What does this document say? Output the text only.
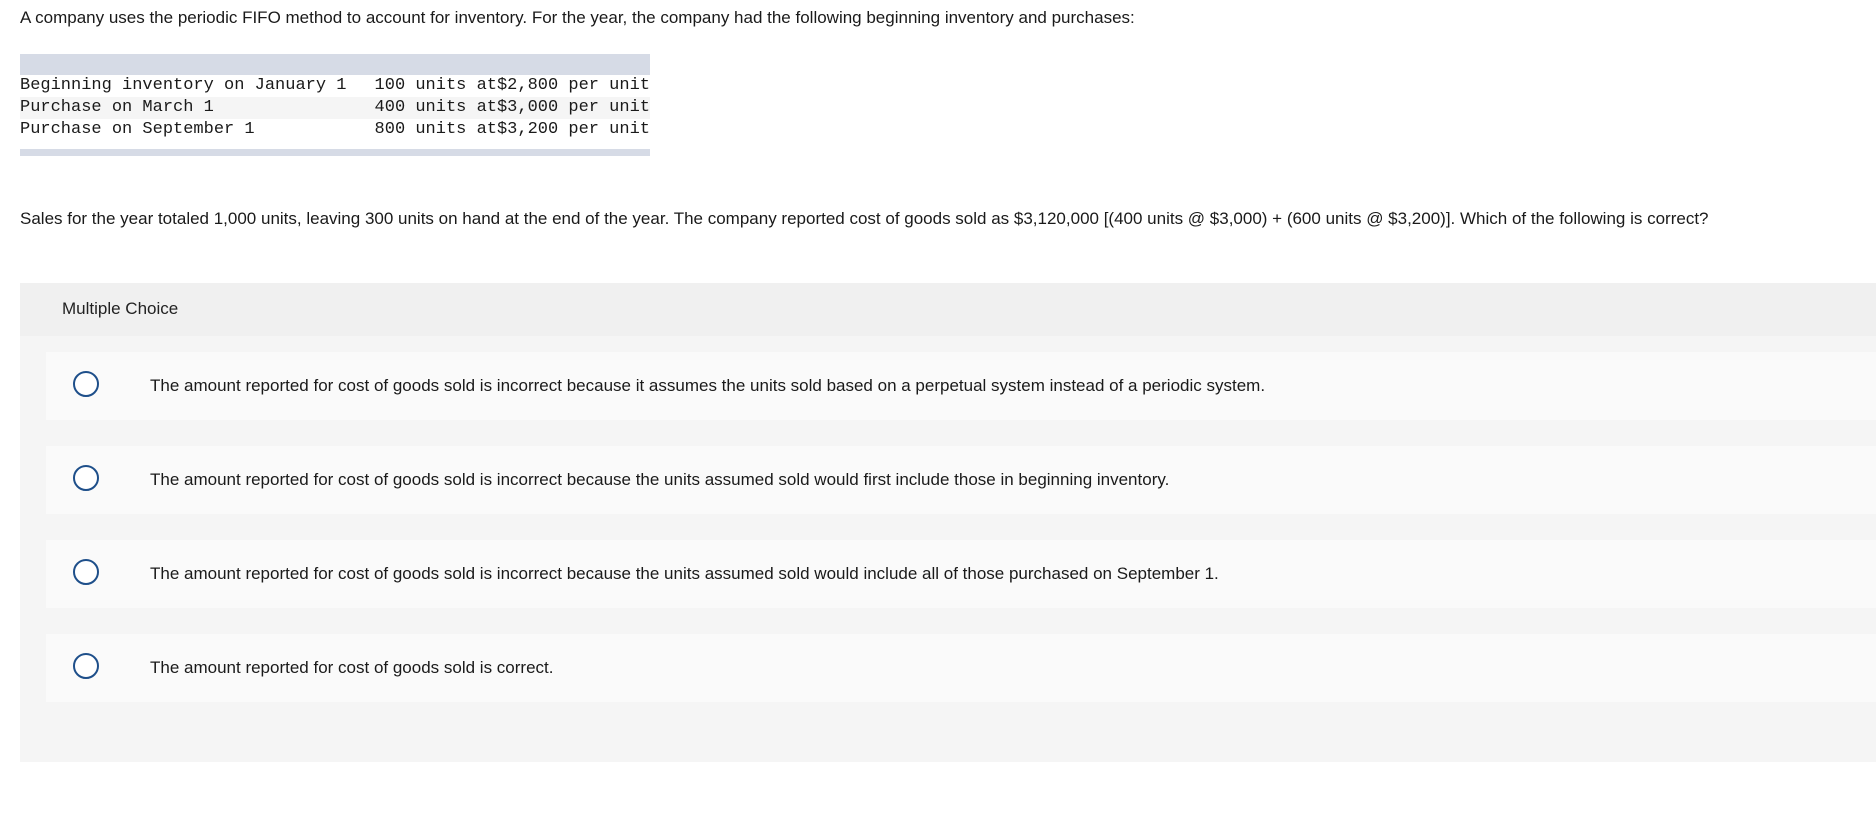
A company uses the periodic FIFO method to account for inventory. For the year, the company had the following beginning inventory and purchases:
Beginning inventory on January 1	100 units at$2,800 per unit
Purchase on March 1	400 units at$3,000 per unit
Purchase on September 1	800 units at$3,200 per unit
Sales for the year totaled 1,000 units, leaving 300 units on hand at the end of the year. The company reported cost of goods sold as $3,120,000 [(400 units @ $3,000) + (600 units @ $3,200)]. Which of the following is correct?
Multiple Choice
The amount reported for cost of goods sold is incorrect because it assumes the units sold based on a perpetual system instead of a periodic system.
The amount reported for cost of goods sold is incorrect because the units assumed sold would first include those in beginning inventory.
The amount reported for cost of goods sold is incorrect because the units assumed sold would include all of those purchased on September 1.
The amount reported for cost of goods sold is correct.
